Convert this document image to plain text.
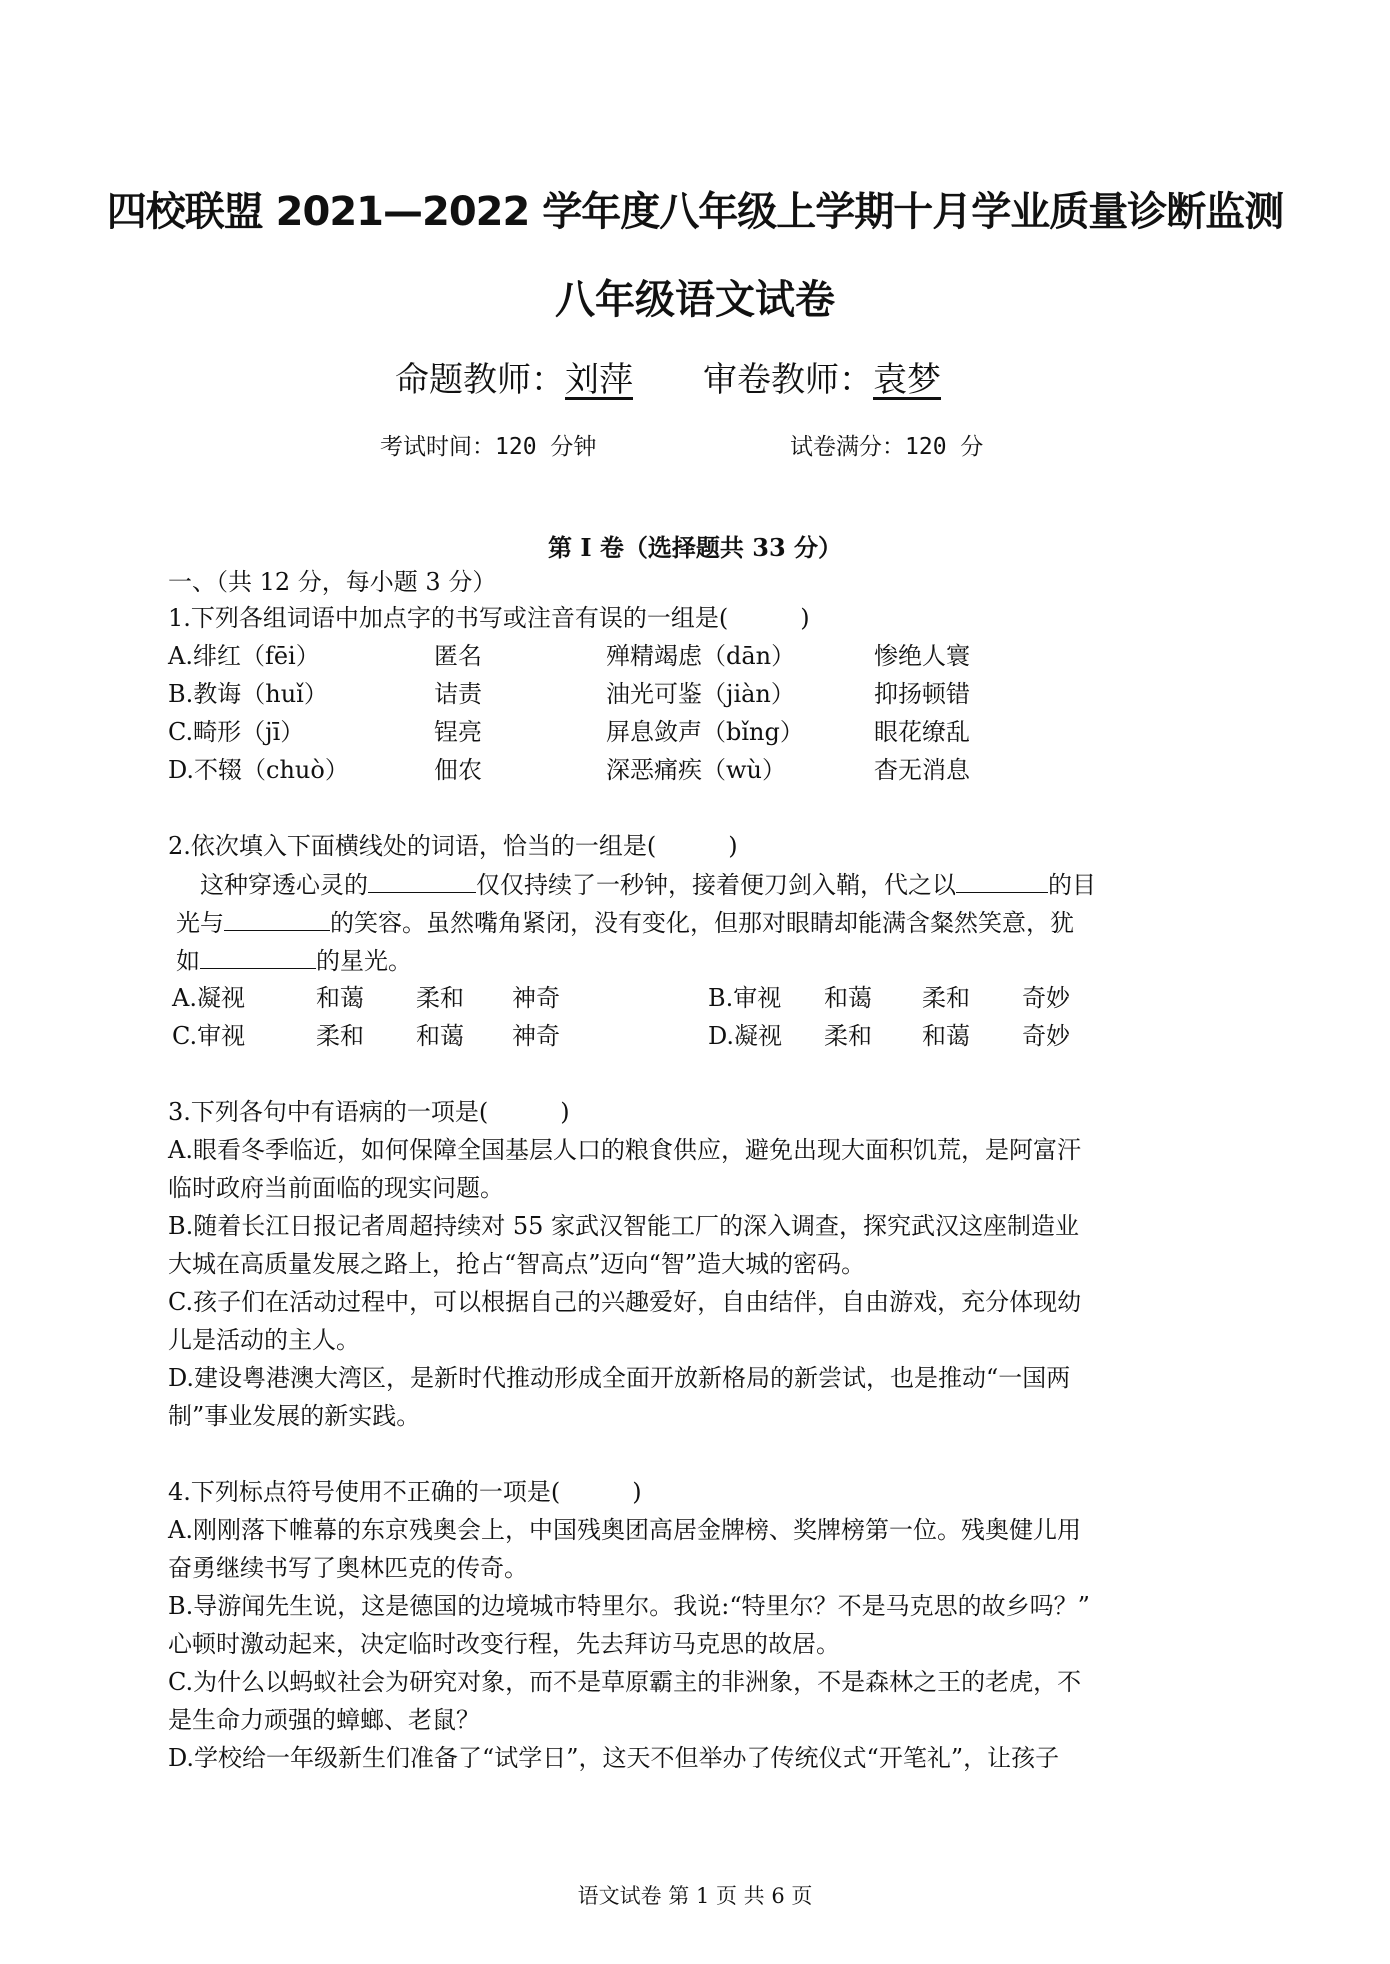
四校联盟 2021—2022 学年度八年级上学期十月学业质量诊断监测
八年级语文试卷
命题教师：刘萍 审卷教师：袁梦
考试时间：120 分钟	试卷满分：120 分
第 I 卷（选择题共 33 分）
一、（共 12 分，每小题 3 分）
1.下列各组词语中加点字的书写或注音有误的一组是(　　　)
A.绯红（fēi）	匿名	殚精竭虑（dān）	惨绝人寰
B.教诲（huǐ）	诘责	油光可鉴（jiàn）	抑扬顿错
C.畸形（jī）	锃亮	屏息敛声（bǐng）	眼花缭乱
D.不辍（chuò）	佃农	深恶痛疾（wù）	杳无消息
2.依次填入下面横线处的词语，恰当的一组是(　　　)
这种穿透心灵的	仅仅持续了一秒钟，接着便刀剑入鞘，代之以	的目
光与	的笑容。虽然嘴角紧闭，没有变化，但那对眼睛却能满含粲然笑意，犹
如	的星光。
A.凝视	和蔼 柔和 神奇	B.审视 和蔼 柔和 奇妙
C.审视	柔和 和蔼 神奇	D.凝视 柔和 和蔼 奇妙
3.下列各句中有语病的一项是(　　　)
A.眼看冬季临近，如何保障全国基层人口的粮食供应，避免出现大面积饥荒，是阿富汗
临时政府当前面临的现实问题。
B.随着长江日报记者周超持续对 55 家武汉智能工厂的深入调查，探究武汉这座制造业
大城在高质量发展之路上，抢占“智高点”迈向“智”造大城的密码。
C.孩子们在活动过程中，可以根据自己的兴趣爱好，自由结伴，自由游戏，充分体现幼
儿是活动的主人。
D.建设粤港澳大湾区，是新时代推动形成全面开放新格局的新尝试，也是推动“一国两
制”事业发展的新实践。
4.下列标点符号使用不正确的一项是(　　　)
A.刚刚落下帷幕的东京残奥会上，中国残奥团高居金牌榜、奖牌榜第一位。残奥健儿用
奋勇继续书写了奥林匹克的传奇。
B.导游闻先生说，这是德国的边境城市特里尔。我说:“特里尔？不是马克思的故乡吗？”
心顿时激动起来，决定临时改变行程，先去拜访马克思的故居。
C.为什么以蚂蚁社会为研究对象，而不是草原霸主的非洲象，不是森林之王的老虎，不
是生命力顽强的蟑螂、老鼠？
D.学校给一年级新生们准备了“试学日”，这天不但举办了传统仪式“开笔礼”，让孩子
语文试卷 第 1 页 共 6 页
